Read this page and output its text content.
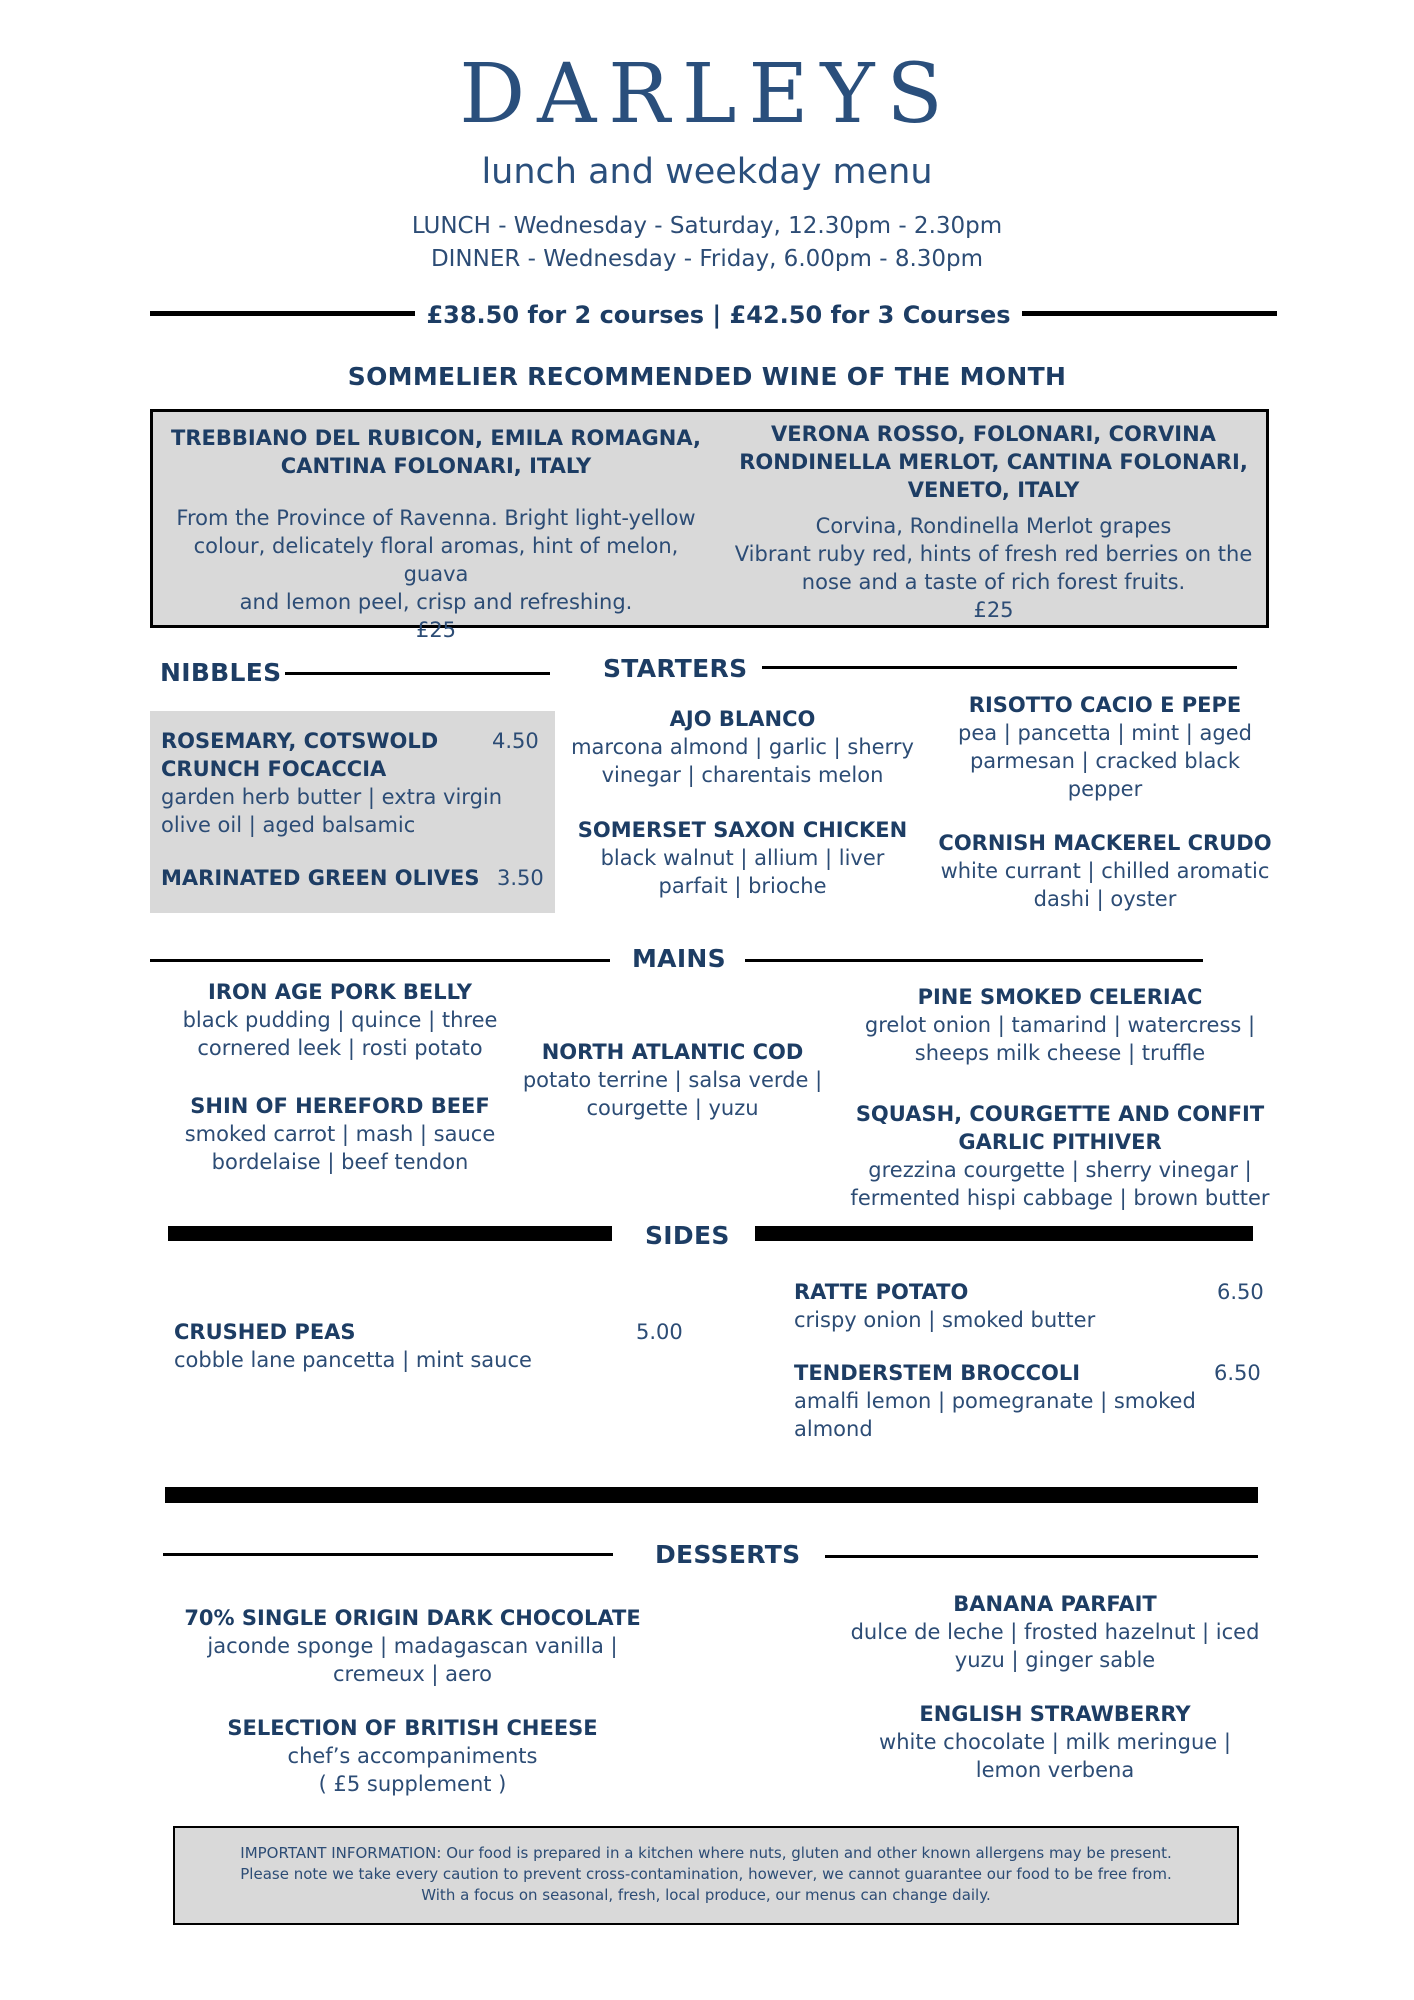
DARLEYS
lunch and weekday menu
LUNCH - Wednesday - Saturday, 12.30pm - 2.30pm
DINNER - Wednesday - Friday, 6.00pm - 8.30pm
£38.50 for 2 courses | £42.50 for 3 Courses
SOMMELIER RECOMMENDED WINE OF THE MONTH
TREBBIANO DEL RUBICON, EMILA ROMAGNA,
CANTINA FOLONARI, ITALY
From the Province of Ravenna. Bright light-yellow
colour, delicately floral aromas, hint of melon, guava
and lemon peel, crisp and refreshing.
£25
VERONA ROSSO, FOLONARI, CORVINA
RONDINELLA MERLOT, CANTINA FOLONARI,
VENETO, ITALY
Corvina, Rondinella Merlot grapes
Vibrant ruby red, hints of fresh red berries on the
nose and a taste of rich forest fruits.
£25
NIBBLES
ROSEMARY, COTSWOLD
CRUNCH FOCACCIA
4.50
garden herb butter | extra virgin
olive oil | aged balsamic
MARINATED GREEN OLIVES 3.50
STARTERS
AJO BLANCO
marcona almond | garlic | sherry
vinegar | charentais melon
SOMERSET SAXON CHICKEN
black walnut | allium | liver
parfait | brioche
RISOTTO CACIO E PEPE
pea | pancetta | mint | aged
parmesan | cracked black
pepper
CORNISH MACKEREL CRUDO
white currant | chilled aromatic
dashi | oyster
MAINS
IRON AGE PORK BELLY
black pudding | quince | three
cornered leek | rosti potato
SHIN OF HEREFORD BEEF
smoked carrot | mash | sauce
bordelaise | beef tendon
NORTH ATLANTIC COD
potato terrine | salsa verde |
courgette | yuzu
PINE SMOKED CELERIAC
grelot onion | tamarind | watercress |
sheeps milk cheese | truffle
SQUASH, COURGETTE AND CONFIT
GARLIC PITHIVER
grezzina courgette | sherry vinegar |
fermented hispi cabbage | brown butter
SIDES
CRUSHED PEAS	5.00
cobble lane pancetta | mint sauce
RATTE POTATO	6.50
crispy onion | smoked butter
TENDERSTEM BROCCOLI	6.50
amalfi lemon | pomegranate | smoked
almond
DESSERTS
70% SINGLE ORIGIN DARK CHOCOLATE
jaconde sponge | madagascan vanilla |
cremeux | aero
SELECTION OF BRITISH CHEESE
chef’s accompaniments
( £5 supplement )
BANANA PARFAIT
dulce de leche | frosted hazelnut | iced
yuzu | ginger sable
ENGLISH STRAWBERRY
white chocolate | milk meringue |
lemon verbena
IMPORTANT INFORMATION: Our food is prepared in a kitchen where nuts, gluten and other known allergens may be present.
Please note we take every caution to prevent cross-contamination, however, we cannot guarantee our food to be free from.
With a focus on seasonal, fresh, local produce, our menus can change daily.
